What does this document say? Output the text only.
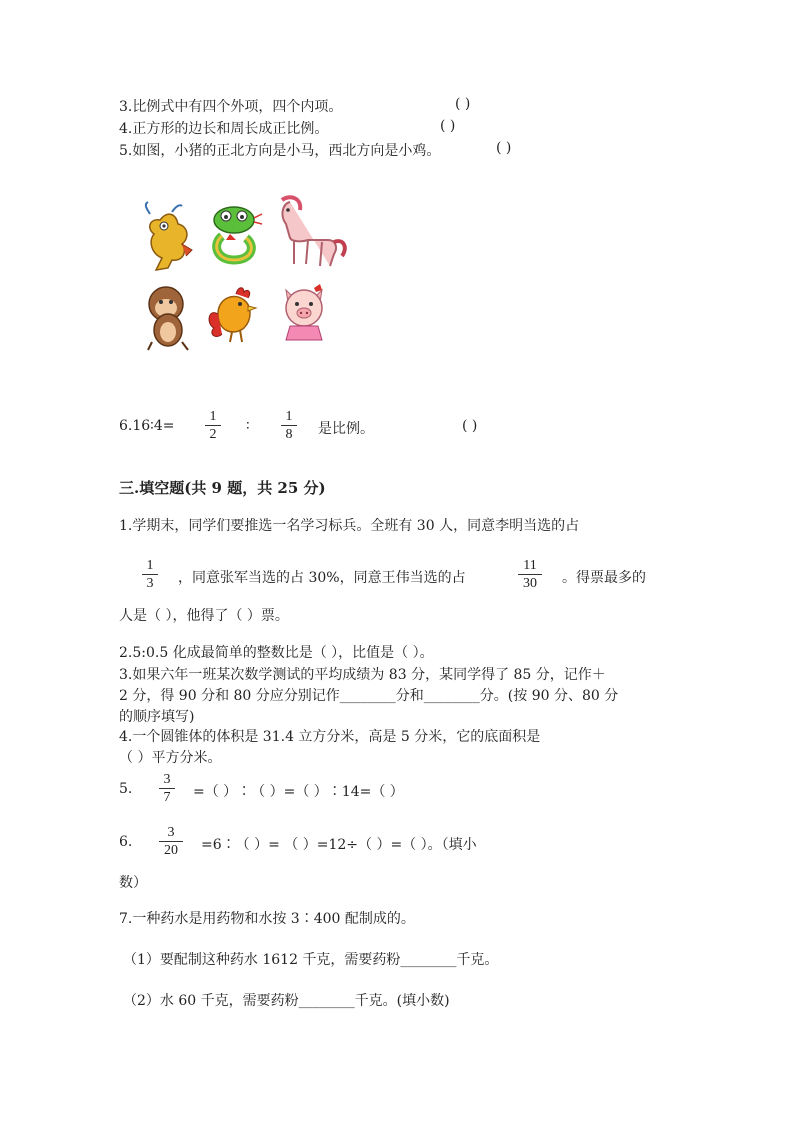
3.比例式中有四个外项，四个内项。	( )
4.正方形的边长和周长成正比例。	( )
5.如图，小猪的正北方向是小马，西北方向是小鸡。	( )
6.16∶4=
1
2
∶
1
8 是比例。	( )
三.填空题(共 9 题，共 25 分)
1.学期末，同学们要推选一名学习标兵。全班有 30 人，同意李明当选的占
1
3 ，同意张军当选的占 30%，同意王伟当选的占
11
30 。得票最多的
人是（ ），他得了（ ）票。
2.5:0.5 化成最简单的整数比是（ ），比值是（ ）。
3.如果六年一班某次数学测试的平均成绩为 83 分，某同学得了 85 分，记作＋
2 分，得 90 分和 80 分应分别记作________分和________分。(按 90 分、80 分
的顺序填写)
4.一个圆锥体的体积是 31.4 立方分米，高是 5 分米，它的底面积是
（ ）平方分米。
5.
3
7 =（ ）∶（ ）=（ ）∶14=（ ）
6.
3
20 =6∶（ ）= （ ）=12÷（ ）=（ ）。（填小
数）
7.一种药水是用药物和水按 3∶400 配制成的。
（1）要配制这种药水 1612 千克，需要药粉________千克。
（2）水 60 千克，需要药粉________千克。(填小数)
